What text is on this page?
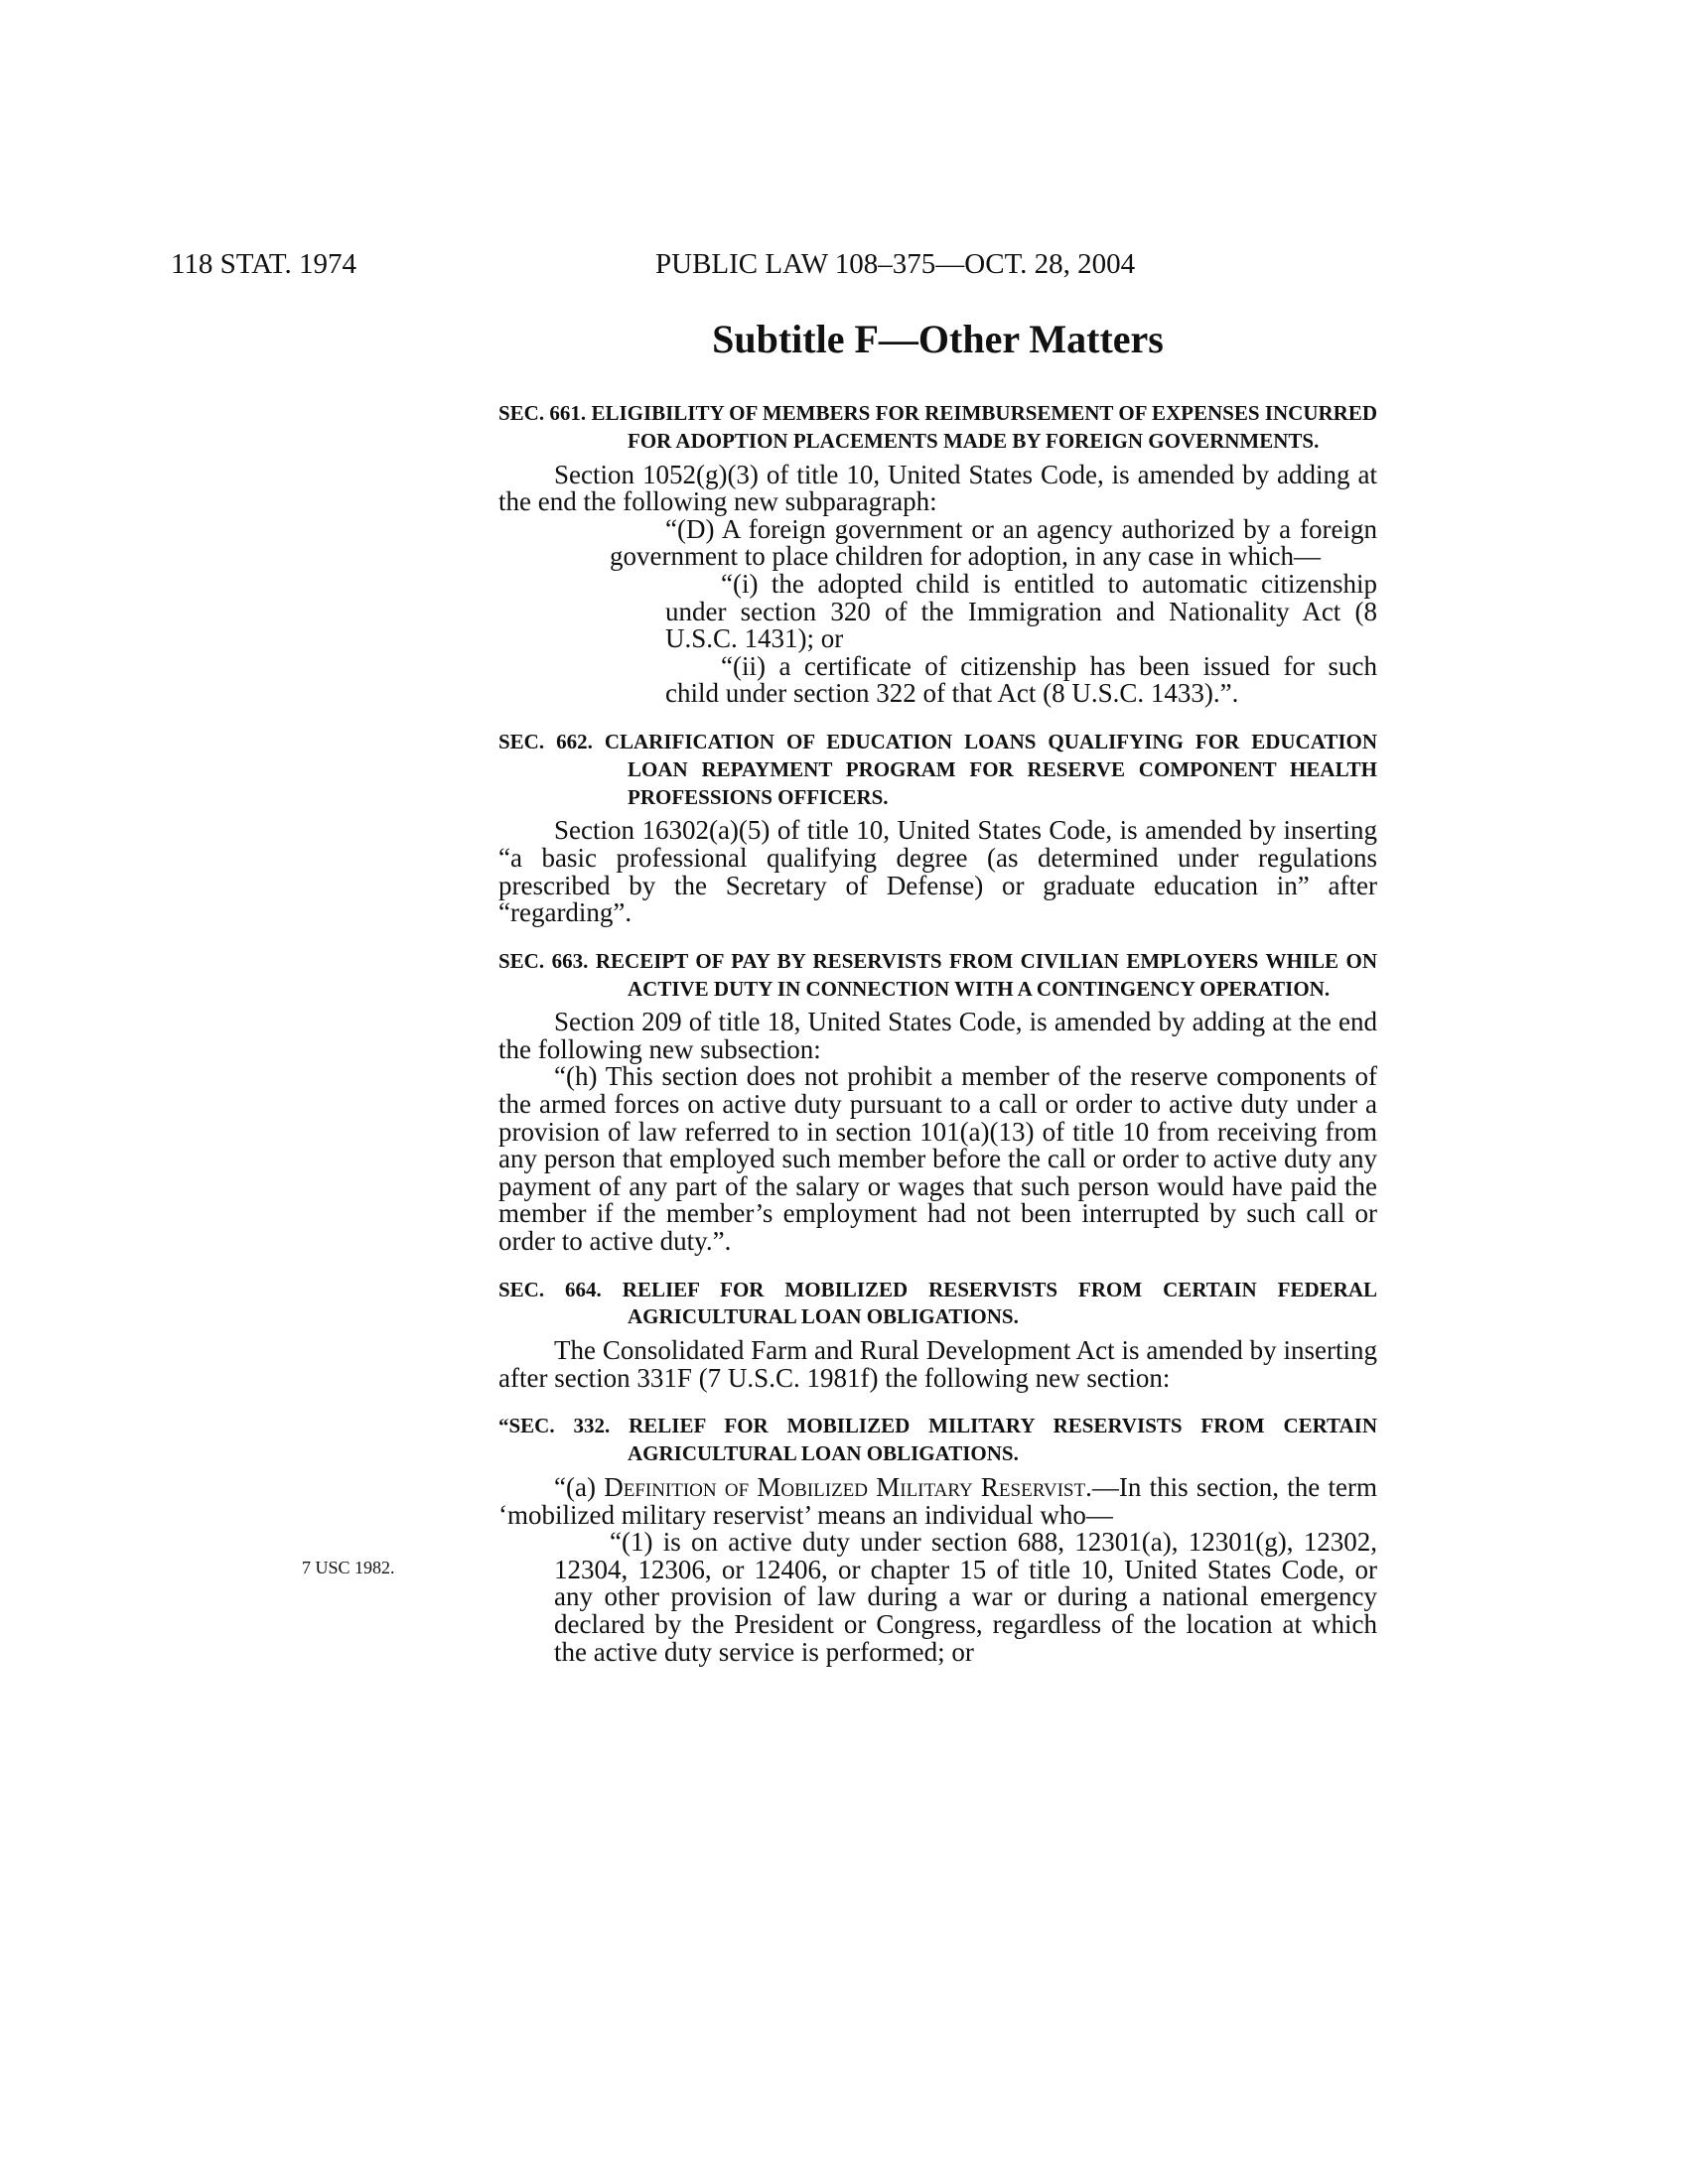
118 STAT. 1974	PUBLIC LAW 108–375—OCT. 28, 2004
Subtitle F—Other Matters
7 USC 1982.
SEC. 661. ELIGIBILITY OF MEMBERS FOR REIMBURSEMENT OF EXPENSES INCURRED FOR ADOPTION PLACEMENTS MADE BY FOREIGN GOVERNMENTS.

Section 1052(g)(3) of title 10, United States Code, is amended by adding at the end the following new subparagraph:

“(D) A foreign government or an agency authorized by a foreign government to place children for adoption, in any case in which—

“(i) the adopted child is entitled to automatic citizenship under section 320 of the Immigration and Nationality Act (8 U.S.C. 1431); or

“(ii) a certificate of citizenship has been issued for such child under section 322 of that Act (8 U.S.C. 1433).”.

SEC. 662. CLARIFICATION OF EDUCATION LOANS QUALIFYING FOR EDUCATION LOAN REPAYMENT PROGRAM FOR RESERVE COMPONENT HEALTH PROFESSIONS OFFICERS.

Section 16302(a)(5) of title 10, United States Code, is amended by inserting “a basic professional qualifying degree (as determined under regulations prescribed by the Secretary of Defense) or graduate education in” after “regarding”.

SEC. 663. RECEIPT OF PAY BY RESERVISTS FROM CIVILIAN EMPLOYERS WHILE ON ACTIVE DUTY IN CONNECTION WITH A CONTINGENCY OPERATION.

Section 209 of title 18, United States Code, is amended by adding at the end the following new subsection:

“(h) This section does not prohibit a member of the reserve components of the armed forces on active duty pursuant to a call or order to active duty under a provision of law referred to in section 101(a)(13) of title 10 from receiving from any person that employed such member before the call or order to active duty any payment of any part of the salary or wages that such person would have paid the member if the member’s employment had not been interrupted by such call or order to active duty.”.

SEC. 664. RELIEF FOR MOBILIZED RESERVISTS FROM CERTAIN FEDERAL AGRICULTURAL LOAN OBLIGATIONS.

The Consolidated Farm and Rural Development Act is amended by inserting after section 331F (7 U.S.C. 1981f) the following new section:

“SEC. 332. RELIEF FOR MOBILIZED MILITARY RESERVISTS FROM CERTAIN AGRICULTURAL LOAN OBLIGATIONS.

“(a) Definition of Mobilized Military Reservist.—In this section, the term ‘mobilized military reservist’ means an individual who—

“(1) is on active duty under section 688, 12301(a), 12301(g), 12302, 12304, 12306, or 12406, or chapter 15 of title 10, United States Code, or any other provision of law during a war or during a national emergency declared by the President or Congress, regardless of the location at which the active duty service is performed; or
